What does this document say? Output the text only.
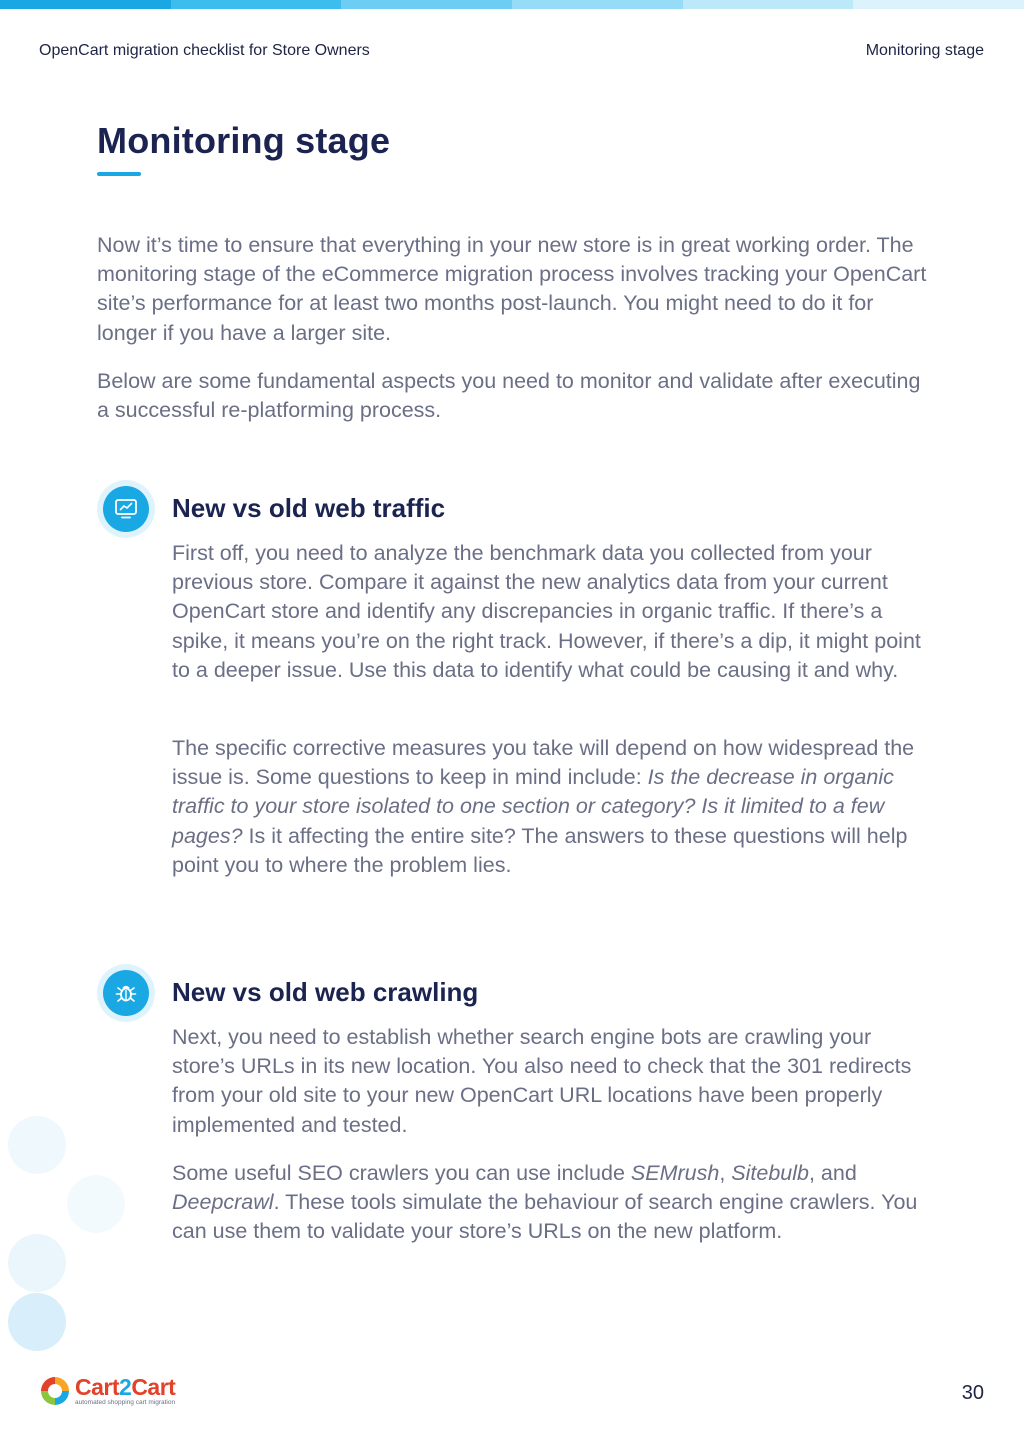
OpenCart migration checklist for Store Owners	Monitoring stage
Monitoring stage

Now it’s time to ensure that everything in your new store is in great working order. The monitoring stage of the eCommerce migration process involves tracking your OpenCart site’s performance for at least two months post-launch. You might need to do it for longer if you have a larger site.

Below are some fundamental aspects you need to monitor and validate after executing a successful re-platforming process.

New vs old web traffic

First off, you need to analyze the benchmark data you collected from your previous store. Compare it against the new analytics data from your current OpenCart store and identify any discrepancies in organic traffic. If there’s a spike, it means you’re on the right track. However, if there’s a dip, it might point to a deeper issue. Use this data to identify what could be causing it and why.

The specific corrective measures you take will depend on how widespread the issue is. Some questions to keep in mind include: Is the decrease in organic traffic to your store isolated to one section or category? Is it limited to a few pages? Is it affecting the entire site? The answers to these questions will help point you to where the problem lies.

New vs old web crawling

Next, you need to establish whether search engine bots are crawling your store’s URLs in its new location. You also need to check that the 301 redirects from your old site to your new OpenCart URL locations have been properly implemented and tested.

Some useful SEO crawlers you can use include SEMrush, Sitebulb, and Deepcrawl. These tools simulate the behaviour of search engine crawlers. You can use them to validate your store’s URLs on the new platform.

Cart2Cart
automated shopping cart migration	30
